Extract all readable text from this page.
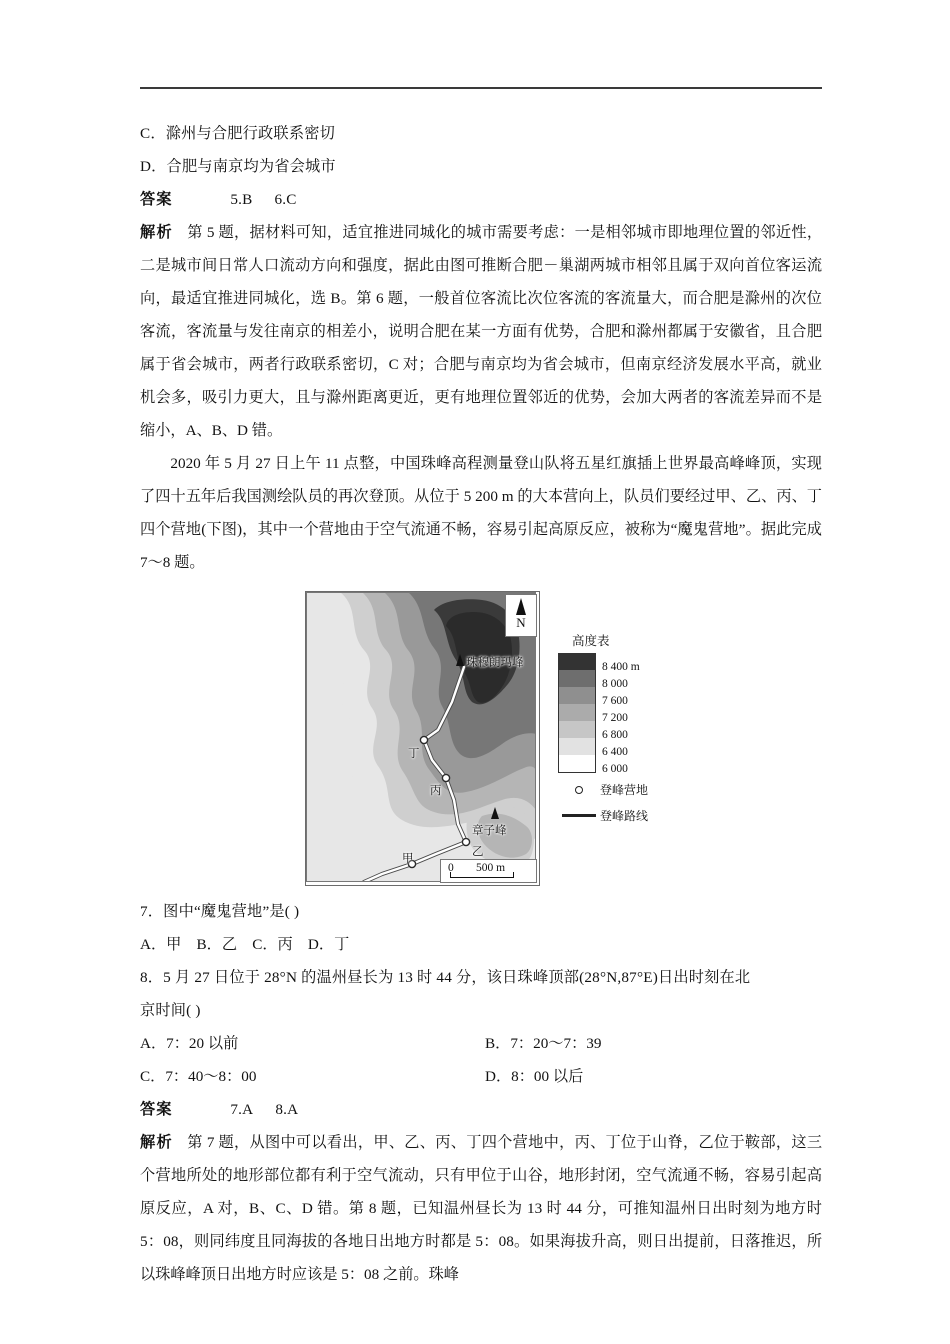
C．滁州与合肥行政联系密切

D．合肥与南京均为省会城市

答案	5.B 6.C

解析 第 5 题，据材料可知，适宜推进同城化的城市需要考虑：一是相邻城市即地理位置的邻近性，二是城市间日常人口流动方向和强度，据此由图可推断合肥－巢湖两城市相邻且属于双向首位客运流向，最适宜推进同城化，选 B。第 6 题，一般首位客流比次位客流的客流量大，而合肥是滁州的次位客流，客流量与发往南京的相差小，说明合肥在某一方面有优势，合肥和滁州都属于安徽省，且合肥属于省会城市，两者行政联系密切，C 对；合肥与南京均为省会城市，但南京经济发展水平高，就业机会多，吸引力更大，且与滁州距离更近，更有地理位置邻近的优势，会加大两者的客流差异而不是缩小，A、B、D 错。

2020 年 5 月 27 日上午 11 点整，中国珠峰高程测量登山队将五星红旗插上世界最高峰峰顶，实现了四十五年后我国测绘队员的再次登顶。从位于 5 200 m 的大本营向上，队员们要经过甲、乙、丙、丁四个营地(下图)，其中一个营地由于空气流通不畅，容易引起高原反应，被称为“魔鬼营地”。据此完成 7～8 题。

N
珠穆朗玛峰
章子峰
丁
丙
乙
甲
0 500 m
高度表
8 400 m
8 000
7 600
7 200
6 800
6 400
6 000
登峰营地
登峰路线

7．图中“魔鬼营地”是( )

A．甲　B．乙　C．丙　D．丁

8．5 月 27 日位于 28°N 的温州昼长为 13 时 44 分，该日珠峰顶部(28°N,87°E)日出时刻在北

京时间( )

A．7：20 以前	B．7：20～7：39
C．7：40～8：00	D．8：00 以后

答案	7.A 8.A

解析 第 7 题，从图中可以看出，甲、乙、丙、丁四个营地中，丙、丁位于山脊，乙位于鞍部，这三个营地所处的地形部位都有利于空气流动，只有甲位于山谷，地形封闭，空气流通不畅，容易引起高原反应，A 对，B、C、D 错。第 8 题，已知温州昼长为 13 时 44 分，可推知温州日出时刻为地方时 5：08，则同纬度且同海拔的各地日出地方时都是 5：08。如果海拔升高，则日出提前，日落推迟，所以珠峰峰顶日出地方时应该是 5：08 之前。珠峰
